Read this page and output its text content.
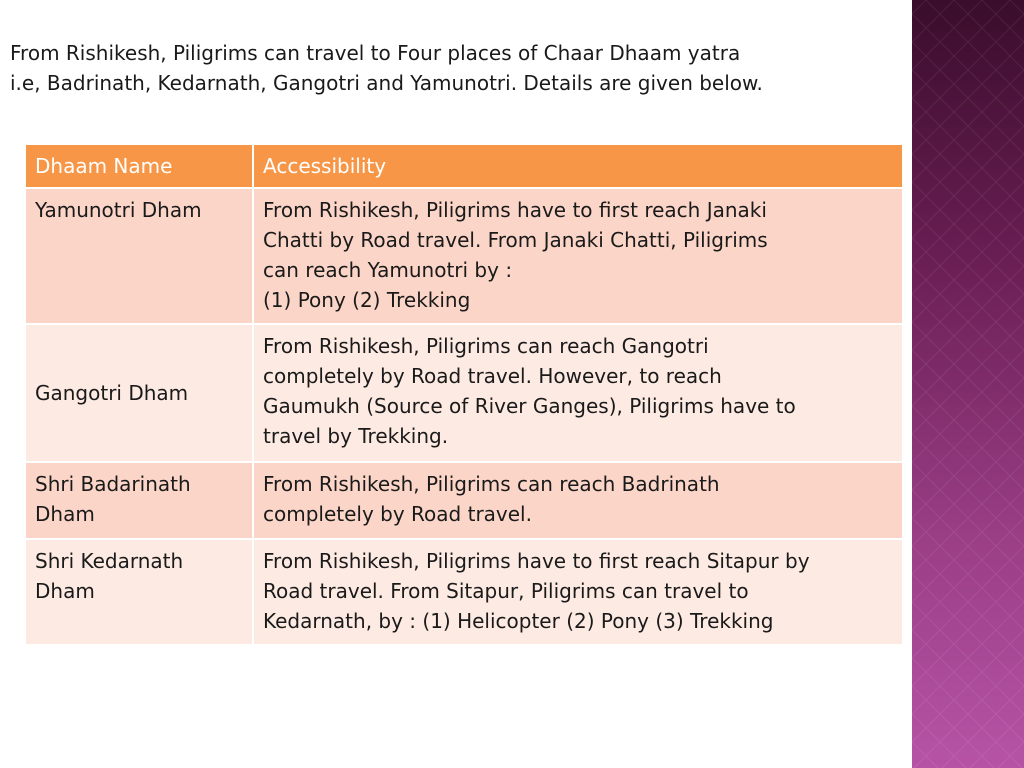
From Rishikesh, Piligrims can travel to Four places of Chaar Dhaam yatra
i.e, Badrinath, Kedarnath, Gangotri and Yamunotri. Details are given below.

Dhaam Name	Accessibility

Yamunotri Dham	From Rishikesh, Piligrims have to first reach Janaki
Chatti by Road travel. From Janaki Chatti, Piligrims
can reach Yamunotri by :
(1) Pony (2) Trekking

Gangotri Dham	From Rishikesh, Piligrims can reach Gangotri
completely by Road travel. However, to reach
Gaumukh (Source of River Ganges), Piligrims have to
travel by Trekking.

Shri Badarinath
Dham	From Rishikesh, Piligrims can reach Badrinath
completely by Road travel.

Shri Kedarnath
Dham	From Rishikesh, Piligrims have to first reach Sitapur by
Road travel. From Sitapur, Piligrims can travel to
Kedarnath, by : (1) Helicopter (2) Pony (3) Trekking
